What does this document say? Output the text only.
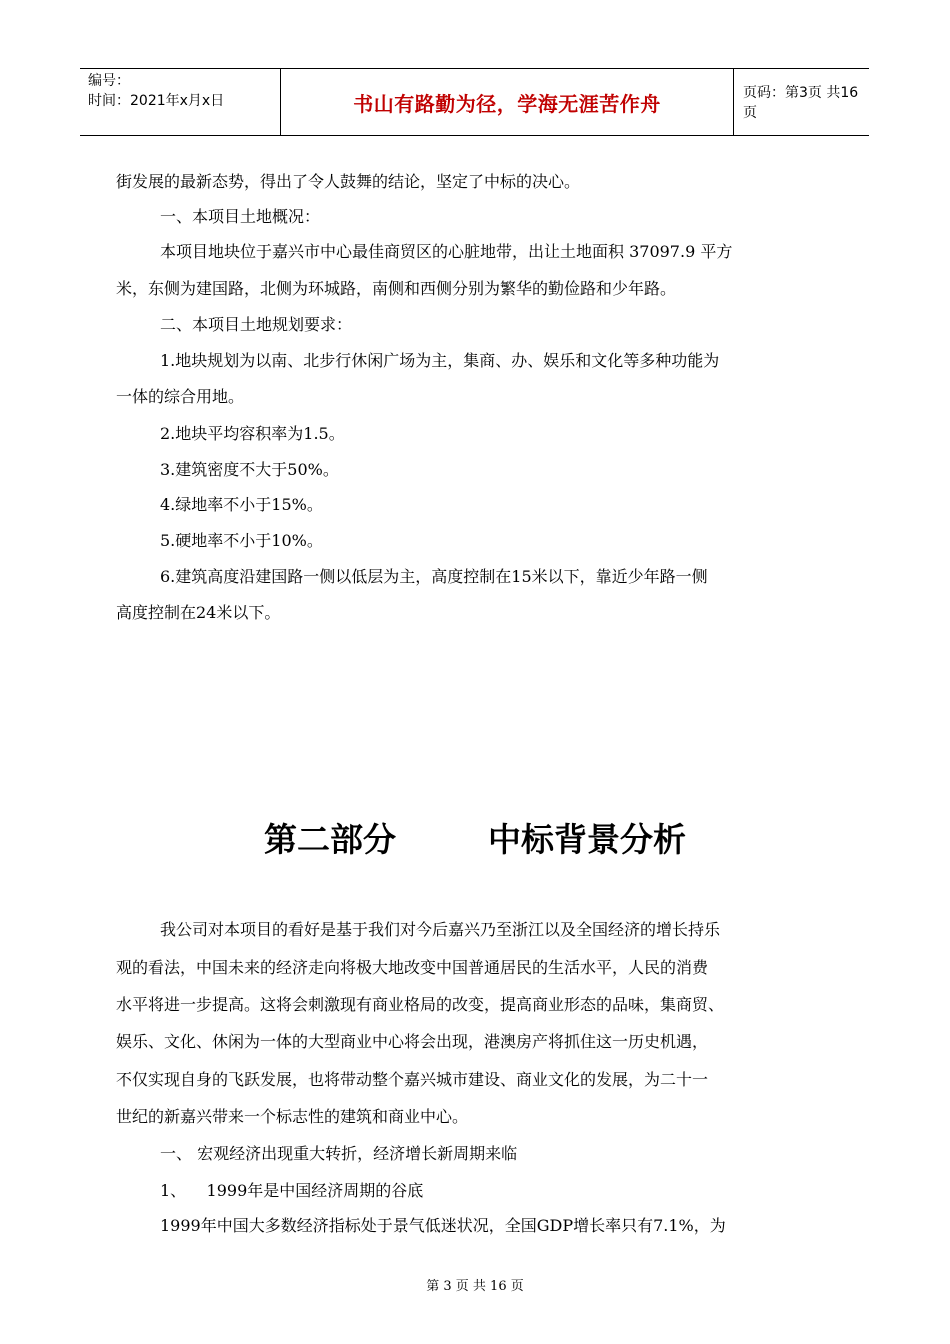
编号：
时间：2021年x月x日	书山有路勤为径，学海无涯苦作舟	页码：第3页 共16页
街发展的最新态势，得出了令人鼓舞的结论，坚定了中标的决心。
一、本项目土地概况：
本项目地块位于嘉兴市中心最佳商贸区的心脏地带，出让土地面积 37097.9 平方
米，东侧为建国路，北侧为环城路，南侧和西侧分别为繁华的勤俭路和少年路。
二、本项目土地规划要求：
1.地块规划为以南、北步行休闲广场为主，集商、办、娱乐和文化等多种功能为
一体的综合用地。
2.地块平均容积率为1.5。
3.建筑密度不大于50%。
4.绿地率不小于15%。
5.硬地率不小于10%。
6.建筑高度沿建国路一侧以低层为主，高度控制在15米以下，靠近少年路一侧
高度控制在24米以下。
第二部分	中标背景分析
我公司对本项目的看好是基于我们对今后嘉兴乃至浙江以及全国经济的增长持乐
观的看法，中国未来的经济走向将极大地改变中国普通居民的生活水平，人民的消费
水平将进一步提高。这将会刺激现有商业格局的改变，提高商业形态的品味，集商贸、
娱乐、文化、休闲为一体的大型商业中心将会出现，港澳房产将抓住这一历史机遇，
不仅实现自身的飞跃发展，也将带动整个嘉兴城市建设、商业文化的发展，为二十一
世纪的新嘉兴带来一个标志性的建筑和商业中心。
一、 宏观经济出现重大转折，经济增长新周期来临
1、    1999年是中国经济周期的谷底
1999年中国大多数经济指标处于景气低迷状况，全国GDP增长率只有7.1%，为
第 3 页 共 16 页
